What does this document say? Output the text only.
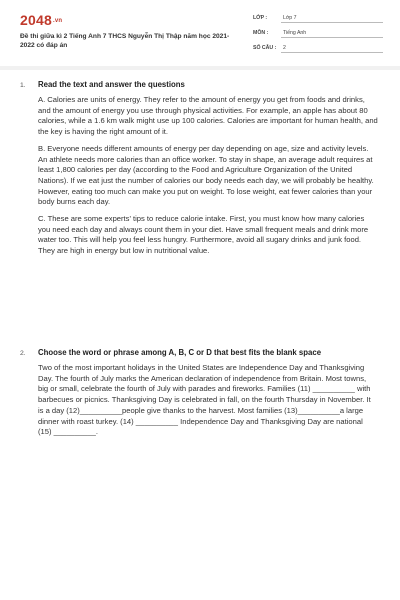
2048.vn
Đề thi giữa kì 2 Tiếng Anh 7 THCS Nguyễn Thị Thập năm học 2021-2022 có đáp án
LỚP :	Lớp 7
MÔN :	Tiếng Anh
SỐ CÂU : 2
1.	Read the text and answer the questions
A. Calories are units of energy. They refer to the amount of energy you get from foods and drinks, and the amount of energy you use through physical activities. For example, an apple has about 80 calories, while a 1.6 km walk might use up 100 calories. Calories are important for human health, and the key is having the right amount of it.
B. Everyone needs different amounts of energy per day depending on age, size and activity levels. An athlete needs more calories than an office worker. To stay in shape, an average adult requires at least 1,800 calories per day (according to the Food and Agriculture Organization of the United Nations). If we eat just the number of calories our body needs each day, we will probably be healthy. However, eating too much can make you put on weight. To lose weight, eat fewer calories than your body burns each day.
C. These are some experts' tips to reduce calorie intake. First, you must know how many calories you need each day and always count them in your diet. Have small frequent meals and drink more water too. This will help you feel less hungry. Furthermore, avoid all sugary drinks and junk food. They are high in energy but low in nutritional value.
2.	Choose the word or phrase among A, B, C or D that best fits the blank space
Two of the most important holidays in the United States are Independence Day and Thanksgiving Day. The fourth of July marks the American declaration of independence from Britain. Most towns, big or small, celebrate the fourth of July with parades and fireworks. Families (11) __________ with barbecues or picnics. Thanksgiving Day is celebrated in fall, on the fourth Thursday in November. It is a day (12)__________people give thanks to the harvest. Most families (13)__________a large dinner with roast turkey. (14) __________ Independence Day and Thanksgiving Day are national (15) __________.
